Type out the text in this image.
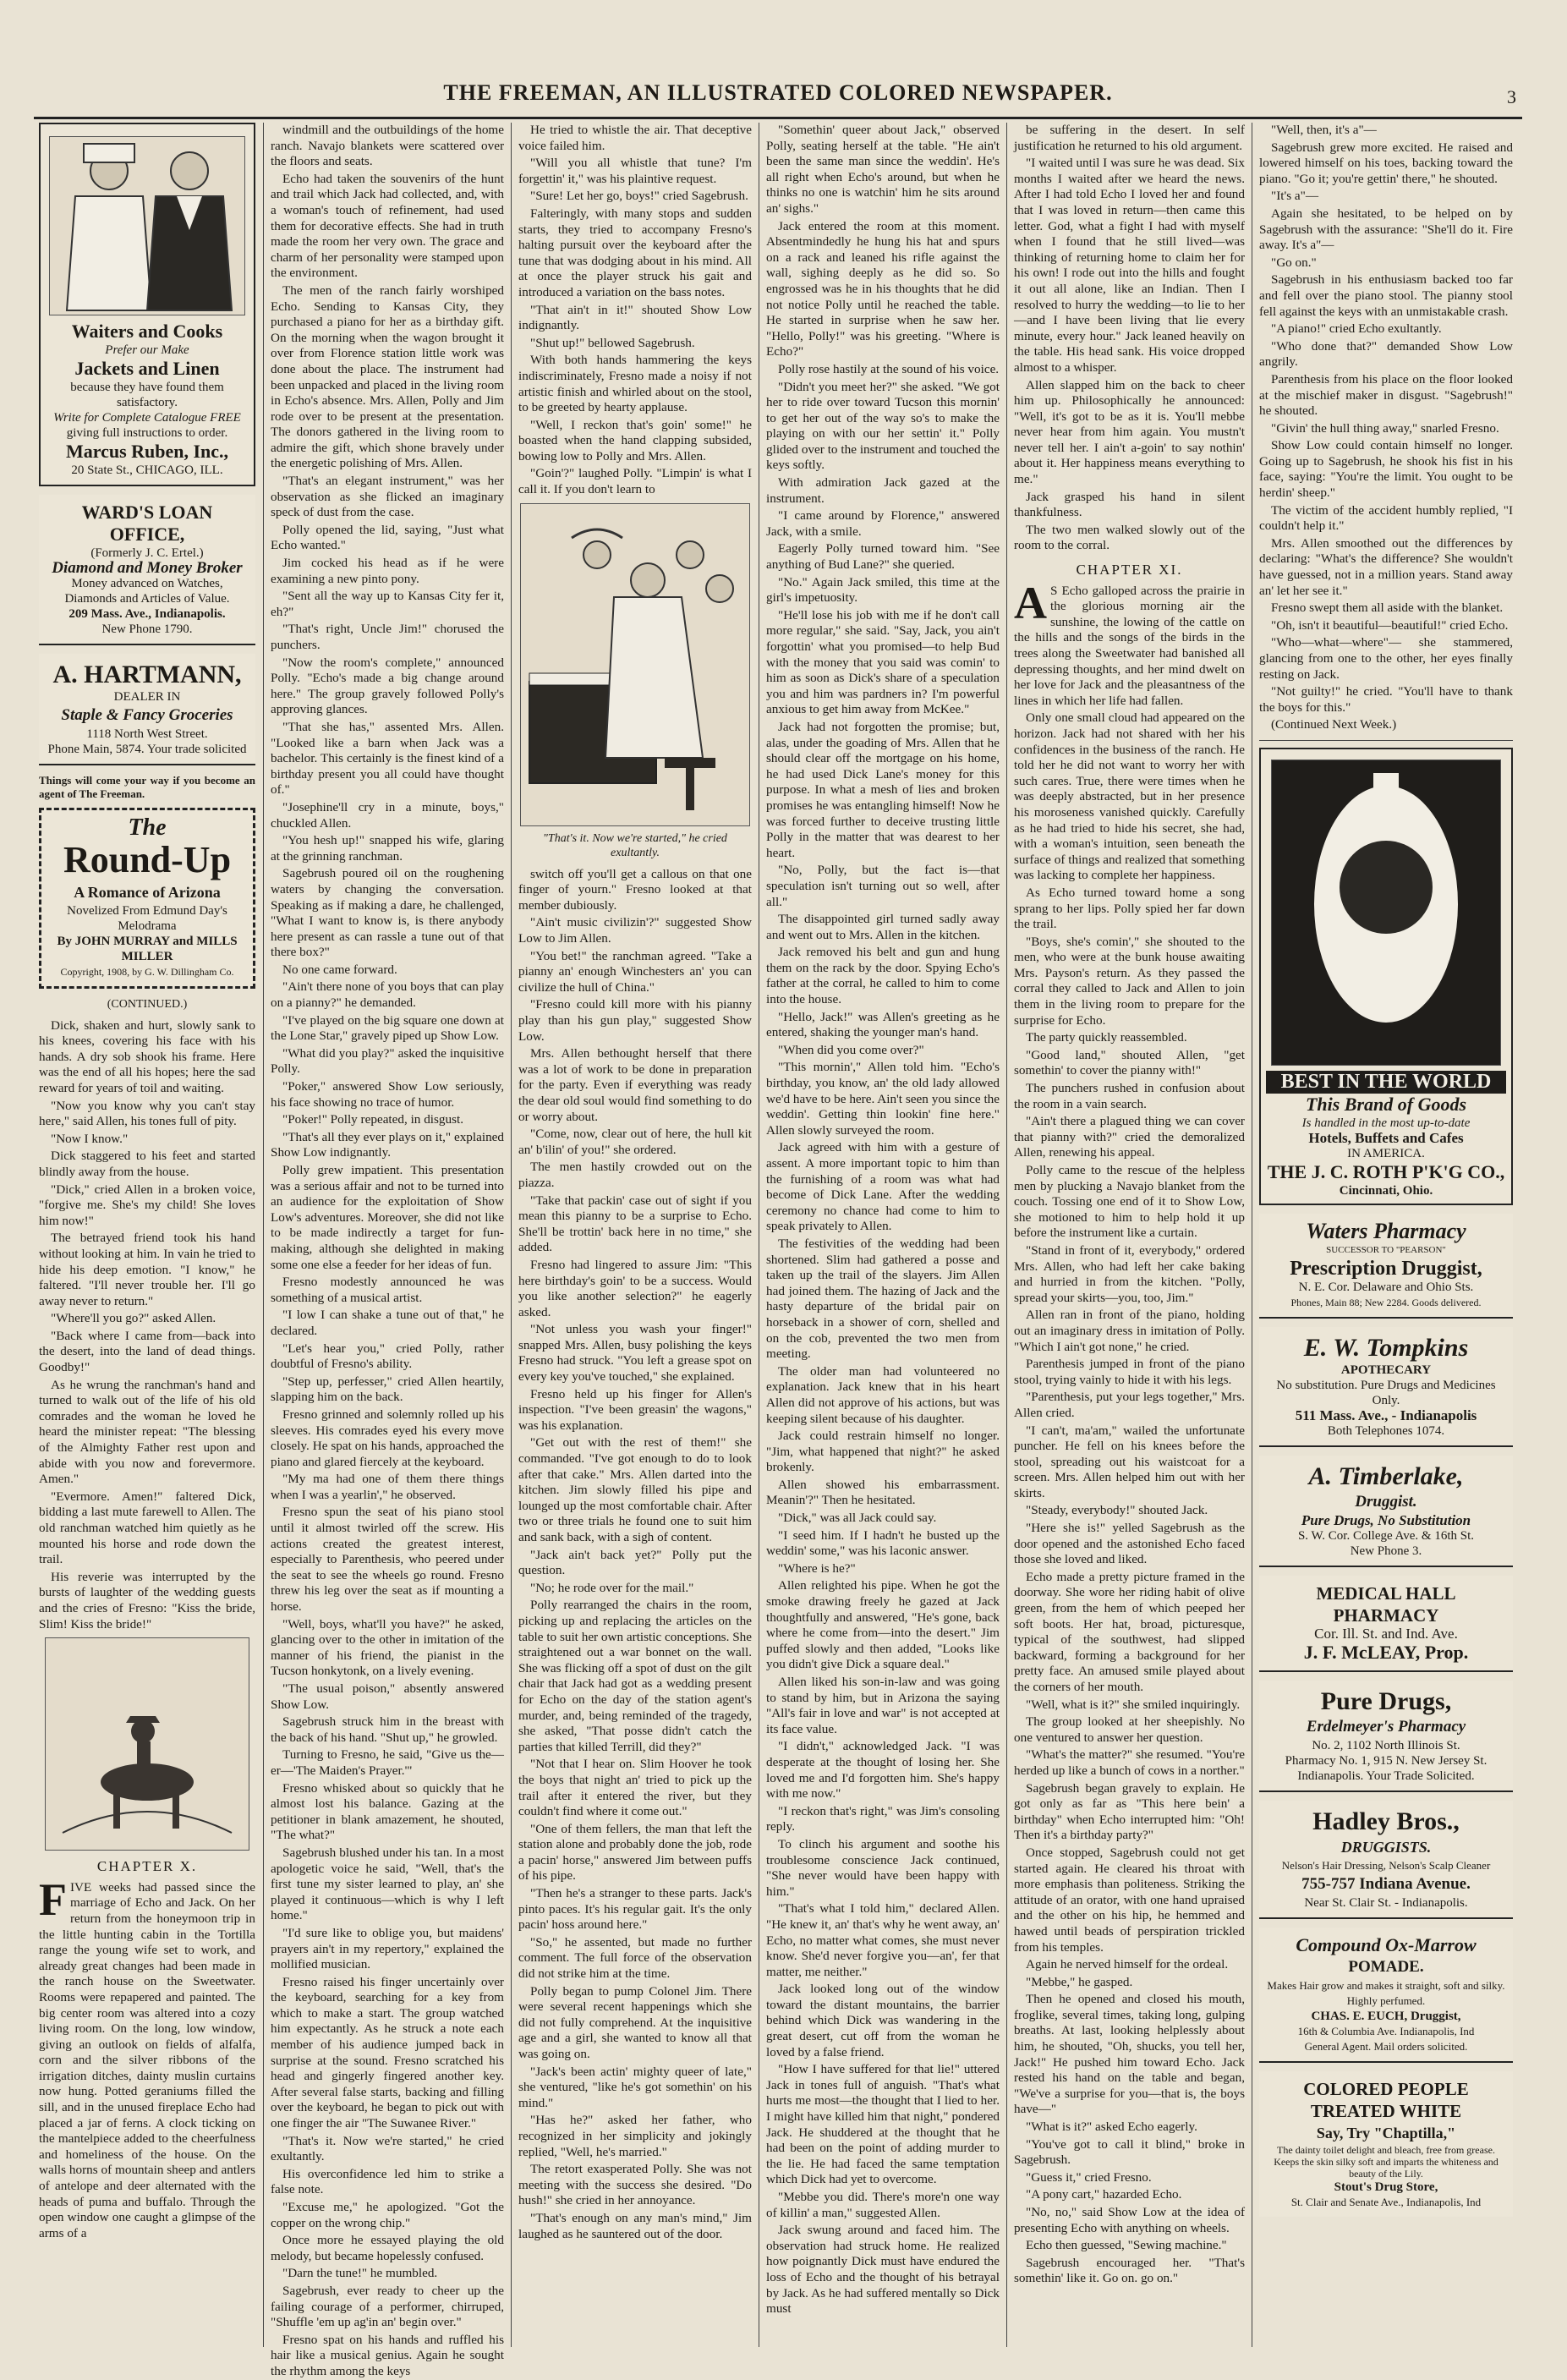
THE FREEMAN, AN ILLUSTRATED COLORED NEWSPAPER.	3
Waiters and Cooks
Prefer our Make
Jackets and Linen
because they have found them satisfactory.
Write for Complete Catalogue FREE
giving full instructions to order.
Marcus Ruben, Inc.,
20 State St., CHICAGO, ILL.
WARD'S LOAN OFFICE,
(Formerly J. C. Ertel.)
Diamond and Money Broker
Money advanced on Watches, Diamonds and Articles of Value.
209 Mass. Ave., Indianapolis.
New Phone 1790.
A. HARTMANN,
DEALER IN
Staple & Fancy Groceries
1118 North West Street.
Phone Main, 5874. Your trade solicited
Things will come your way if you become an agent of The Freeman.
The
Round-Up
A Romance of Arizona
Novelized From Edmund Day's Melodrama
By JOHN MURRAY and MILLS MILLER
Copyright, 1908, by G. W. Dillingham Co.
(CONTINUED.)

Dick, shaken and hurt, slowly sank to his knees, covering his face with his hands. A dry sob shook his frame. Here was the end of all his hopes; here the sad reward for years of toil and waiting.

"Now you know why you can't stay here," said Allen, his tones full of pity.

"Now I know."

Dick staggered to his feet and started blindly away from the house.

"Dick," cried Allen in a broken voice, "forgive me. She's my child! She loves him now!"

The betrayed friend took his hand without looking at him. In vain he tried to hide his deep emotion. "I know," he faltered. "I'll never trouble her. I'll go away never to return."

"Where'll you go?" asked Allen.

"Back where I came from—back into the desert, into the land of dead things. Goodby!"

As he wrung the ranchman's hand and turned to walk out of the life of his old comrades and the woman he loved he heard the minister repeat: "The blessing of the Almighty Father rest upon and abide with you now and forevermore. Amen."

"Evermore. Amen!" faltered Dick, bidding a last mute farewell to Allen. The old ranchman watched him quietly as he mounted his horse and rode down the trail.

His reverie was interrupted by the bursts of laughter of the wedding guests and the cries of Fresno: "Kiss the bride, Slim! Kiss the bride!"

CHAPTER X.

FIVE weeks had passed since the marriage of Echo and Jack. On her return from the honeymoon trip in the little hunting cabin in the Tortilla range the young wife set to work, and already great changes had been made in the ranch house on the Sweetwater. Rooms were repapered and painted. The big center room was altered into a cozy living room. On the long, low window, giving an outlook on fields of alfalfa, corn and the silver ribbons of the irrigation ditches, dainty muslin curtains now hung. Potted geraniums filled the sill, and in the unused fireplace Echo had placed a jar of ferns. A clock ticking on the mantelpiece added to the cheerfulness and homeliness of the house. On the walls horns of mountain sheep and antlers of antelope and deer alternated with the heads of puma and buffalo. Through the open window one caught a glimpse of the arms of a

windmill and the outbuildings of the home ranch. Navajo blankets were scattered over the floors and seats.

Echo had taken the souvenirs of the hunt and trail which Jack had collected, and, with a woman's touch of refinement, had used them for decorative effects. She had in truth made the room her very own. The grace and charm of her personality were stamped upon the environment.

The men of the ranch fairly worshiped Echo. Sending to Kansas City, they purchased a piano for her as a birthday gift. On the morning when the wagon brought it over from Florence station little work was done about the place. The instrument had been unpacked and placed in the living room in Echo's absence. Mrs. Allen, Polly and Jim rode over to be present at the presentation. The donors gathered in the living room to admire the gift, which shone bravely under the energetic polishing of Mrs. Allen.

"That's an elegant instrument," was her observation as she flicked an imaginary speck of dust from the case.

Polly opened the lid, saying, "Just what Echo wanted."

Jim cocked his head as if he were examining a new pinto pony.

"Sent all the way up to Kansas City fer it, eh?"

"That's right, Uncle Jim!" chorused the punchers.

"Now the room's complete," announced Polly. "Echo's made a big change around here." The group gravely followed Polly's approving glances.

"That she has," assented Mrs. Allen. "Looked like a barn when Jack was a bachelor. This certainly is the finest kind of a birthday present you all could have thought of."

"Josephine'll cry in a minute, boys," chuckled Allen.

"You hesh up!" snapped his wife, glaring at the grinning ranchman.

Sagebrush poured oil on the roughening waters by changing the conversation. Speaking as if making a dare, he challenged, "What I want to know is, is there anybody here present as can rassle a tune out of that there box?"

No one came forward.

"Ain't there none of you boys that can play on a pianny?" he demanded.

"I've played on the big square one down at the Lone Star," gravely piped up Show Low.

"What did you play?" asked the inquisitive Polly.

"Poker," answered Show Low seriously, his face showing no trace of humor.

"Poker!" Polly repeated, in disgust.

"That's all they ever plays on it," explained Show Low indignantly.

Polly grew impatient. This presentation was a serious affair and not to be turned into an audience for the exploitation of Show Low's adventures. Moreover, she did not like to be made indirectly a target for fun-making, although she delighted in making some one else a feeder for her ideas of fun.

Fresno modestly announced he was something of a musical artist.

"I low I can shake a tune out of that," he declared.

"Let's hear you," cried Polly, rather doubtful of Fresno's ability.

"Step up, perfesser," cried Allen heartily, slapping him on the back.

Fresno grinned and solemnly rolled up his sleeves. His comrades eyed his every move closely. He spat on his hands, approached the piano and glared fiercely at the keyboard.

"My ma had one of them there things when I was a yearlin'," he observed.

Fresno spun the seat of his piano stool until it almost twirled off the screw. His actions created the greatest interest, especially to Parenthesis, who peered under the seat to see the wheels go round. Fresno threw his leg over the seat as if mounting a horse.

"Well, boys, what'll you have?" he asked, glancing over to the other in imitation of the manner of his friend, the pianist in the Tucson honkytonk, on a lively evening.

"The usual poison," absently answered Show Low.

Sagebrush struck him in the breast with the back of his hand. "Shut up," he growled.

Turning to Fresno, he said, "Give us the—er—'The Maiden's Prayer.'"

Fresno whisked about so quickly that he almost lost his balance. Gazing at the petitioner in blank amazement, he shouted, "The what?"

Sagebrush blushed under his tan. In a most apologetic voice he said, "Well, that's the first tune my sister learned to play, an' she played it continuous—which is why I left home."

"I'd sure like to oblige you, but maidens' prayers ain't in my repertory," explained the mollified musician.

Fresno raised his finger uncertainly over the keyboard, searching for a key from which to make a start. The group watched him expectantly. As he struck a note each member of his audience jumped back in surprise at the sound. Fresno scratched his head and gingerly fingered another key. After several false starts, backing and filling over the keyboard, he began to pick out with one finger the air "The Suwanee River."

"That's it. Now we're started," he cried exultantly.

His overconfidence led him to strike a false note.

"Excuse me," he apologized. "Got the copper on the wrong chip."

Once more he essayed playing the old melody, but became hopelessly confused.

"Darn the tune!" he mumbled.

Sagebrush, ever ready to cheer up the failing courage of a performer, chirruped, "Shuffle 'em up ag'in an' begin over."

Fresno spat on his hands and ruffled his hair like a musical genius. Again he sought the rhythm among the keys

He tried to whistle the air. That deceptive voice failed him.

"Will you all whistle that tune? I'm forgettin' it," was his plaintive request.

"Sure! Let her go, boys!" cried Sagebrush.

Falteringly, with many stops and sudden starts, they tried to accompany Fresno's halting pursuit over the keyboard after the tune that was dodging about in his mind. All at once the player struck his gait and introduced a variation on the bass notes.

"That ain't in it!" shouted Show Low indignantly.

"Shut up!" bellowed Sagebrush.

With both hands hammering the keys indiscriminately, Fresno made a noisy if not artistic finish and whirled about on the stool, to be greeted by hearty applause.

"Well, I reckon that's goin' some!" he boasted when the hand clapping subsided, bowing low to Polly and Mrs. Allen.

"Goin'?" laughed Polly. "Limpin' is what I call it. If you don't learn to

"That's it. Now we're started," he cried exultantly.

switch off you'll get a callous on that one finger of yourn." Fresno looked at that member dubiously.

"Ain't music civilizin'?" suggested Show Low to Jim Allen.

"You bet!" the ranchman agreed. "Take a pianny an' enough Winchesters an' you can civilize the hull of China."

"Fresno could kill more with his pianny play than his gun play," suggested Show Low.

Mrs. Allen bethought herself that there was a lot of work to be done in preparation for the party. Even if everything was ready the dear old soul would find something to do or worry about.

"Come, now, clear out of here, the hull kit an' b'ilin' of you!" she ordered.

The men hastily crowded out on the piazza.

"Take that packin' case out of sight if you mean this pianny to be a surprise to Echo. She'll be trottin' back here in no time," she added.

Fresno had lingered to assure Jim: "This here birthday's goin' to be a success. Would you like another selection?" he eagerly asked.

"Not unless you wash your finger!" snapped Mrs. Allen, busy polishing the keys Fresno had struck. "You left a grease spot on every key you've touched," she explained.

Fresno held up his finger for Allen's inspection. "I've been greasin' the wagons," was his explanation.

"Get out with the rest of them!" she commanded. "I've got enough to do to look after that cake." Mrs. Allen darted into the kitchen. Jim slowly filled his pipe and lounged up the most comfortable chair. After two or three trials he found one to suit him and sank back, with a sigh of content.

"Jack ain't back yet?" Polly put the question.

"No; he rode over for the mail."

Polly rearranged the chairs in the room, picking up and replacing the articles on the table to suit her own artistic conceptions. She straightened out a war bonnet on the wall. She was flicking off a spot of dust on the gilt chair that Jack had got as a wedding present for Echo on the day of the station agent's murder, and, being reminded of the tragedy, she asked, "That posse didn't catch the parties that killed Terrill, did they?"

"Not that I hear on. Slim Hoover he took the boys that night an' tried to pick up the trail after it entered the river, but they couldn't find where it come out."

"One of them fellers, the man that left the station alone and probably done the job, rode a pacin' horse," answered Jim between puffs of his pipe.

"Then he's a stranger to these parts. Jack's pinto paces. It's his regular gait. It's the only pacin' hoss around here."

"So," he assented, but made no further comment. The full force of the observation did not strike him at the time.

Polly began to pump Colonel Jim. There were several recent happenings which she did not fully comprehend. At the inquisitive age and a girl, she wanted to know all that was going on.

"Jack's been actin' mighty queer of late," she ventured, "like he's got somethin' on his mind."

"Has he?" asked her father, who recognized in her simplicity and jokingly replied, "Well, he's married."

The retort exasperated Polly. She was not meeting with the success she desired. "Do hush!" she cried in her annoyance.

"That's enough on any man's mind," Jim laughed as he sauntered out of the door.

"Somethin' queer about Jack," observed Polly, seating herself at the table. "He ain't been the same man since the weddin'. He's all right when Echo's around, but when he thinks no one is watchin' him he sits around an' sighs."

Jack entered the room at this moment. Absentmindedly he hung his hat and spurs on a rack and leaned his rifle against the wall, sighing deeply as he did so. So engrossed was he in his thoughts that he did not notice Polly until he reached the table. He started in surprise when he saw her. "Hello, Polly!" was his greeting. "Where is Echo?"

Polly rose hastily at the sound of his voice.

"Didn't you meet her?" she asked. "We got her to ride over toward Tucson this mornin' to get her out of the way so's to make the playing on with our her settin' it." Polly glided over to the instrument and touched the keys softly.

With admiration Jack gazed at the instrument.

"I came around by Florence," answered Jack, with a smile.

Eagerly Polly turned toward him. "See anything of Bud Lane?" she queried.

"No." Again Jack smiled, this time at the girl's impetuosity.

"He'll lose his job with me if he don't call more regular," she said. "Say, Jack, you ain't forgottin' what you promised—to help Bud with the money that you said was comin' to him as soon as Dick's share of a speculation you and him was pardners in? I'm powerful anxious to get him away from McKee."

Jack had not forgotten the promise; but, alas, under the goading of Mrs. Allen that he should clear off the mortgage on his home, he had used Dick Lane's money for this purpose. In what a mesh of lies and broken promises he was entangling himself! Now he was forced further to deceive trusting little Polly in the matter that was dearest to her heart.

"No, Polly, but the fact is—that speculation isn't turning out so well, after all."

The disappointed girl turned sadly away and went out to Mrs. Allen in the kitchen.

Jack removed his belt and gun and hung them on the rack by the door. Spying Echo's father at the corral, he called to him to come into the house.

"Hello, Jack!" was Allen's greeting as he entered, shaking the younger man's hand.

"When did you come over?"

"This mornin'," Allen told him. "Echo's birthday, you know, an' the old lady allowed we'd have to be here. Ain't seen you since the weddin'. Getting thin lookin' fine here." Allen slowly surveyed the room.

Jack agreed with him with a gesture of assent. A more important topic to him than the furnishing of a room was what had become of Dick Lane. After the wedding ceremony no chance had come to him to speak privately to Allen.

The festivities of the wedding had been shortened. Slim had gathered a posse and taken up the trail of the slayers. Jim Allen had joined them. The hazing of Jack and the hasty departure of the bridal pair on horseback in a shower of corn, shelled and on the cob, prevented the two men from meeting.

The older man had volunteered no explanation. Jack knew that in his heart Allen did not approve of his actions, but was keeping silent because of his daughter.

Jack could restrain himself no longer. "Jim, what happened that night?" he asked brokenly.

Allen showed his embarrassment. Meanin'?" Then he hesitated.

"Dick," was all Jack could say.

"I seed him. If I hadn't he busted up the weddin' some," was his laconic answer.

"Where is he?"

Allen relighted his pipe. When he got the smoke drawing freely he gazed at Jack thoughtfully and answered, "He's gone, back where he come from—into the desert." Jim puffed slowly and then added, "Looks like you didn't give Dick a square deal."

Allen liked his son-in-law and was going to stand by him, but in Arizona the saying "All's fair in love and war" is not accepted at its face value.

"I didn't," acknowledged Jack. "I was desperate at the thought of losing her. She loved me and I'd forgotten him. She's happy with me now."

"I reckon that's right," was Jim's consoling reply.

To clinch his argument and soothe his troublesome conscience Jack continued, "She never would have been happy with him."

"That's what I told him," declared Allen. "He knew it, an' that's why he went away, an' Echo, no matter what comes, she must never know. She'd never forgive you—an', fer that matter, me neither."

Jack looked long out of the window toward the distant mountains, the barrier behind which Dick was wandering in the great desert, cut off from the woman he loved by a false friend.

"How I have suffered for that lie!" uttered Jack in tones full of anguish. "That's what hurts me most—the thought that I lied to her. I might have killed him that night," pondered Jack. He shuddered at the thought that he had been on the point of adding murder to the lie. He had faced the same temptation which Dick had yet to overcome.

"Mebbe you did. There's more'n one way of killin' a man," suggested Allen.

Jack swung around and faced him. The observation had struck home. He realized how poignantly Dick must have endured the loss of Echo and the thought of his betrayal by Jack. As he had suffered mentally so Dick must

be suffering in the desert. In self justification he returned to his old argument.

"I waited until I was sure he was dead. Six months I waited after we heard the news. After I had told Echo I loved her and found that I was loved in return—then came this letter. God, what a fight I had with myself when I found that he still lived—was thinking of returning home to claim her for his own! I rode out into the hills and fought it out all alone, like an Indian. Then I resolved to hurry the wedding—to lie to her—and I have been living that lie every minute, every hour." Jack leaned heavily on the table. His head sank. His voice dropped almost to a whisper.

Allen slapped him on the back to cheer him up. Philosophically he announced: "Well, it's got to be as it is. You'll mebbe never hear from him again. You mustn't never tell her. I ain't a-goin' to say nothin' about it. Her happiness means everything to me."

Jack grasped his hand in silent thankfulness.

The two men walked slowly out of the room to the corral.

CHAPTER XI.

A S Echo galloped across the prairie in the glorious morning air the sunshine, the lowing of the cattle on the hills and the songs of the birds in the trees along the Sweetwater had banished all depressing thoughts, and her mind dwelt on her love for Jack and the pleasantness of the lines in which her life had fallen.

Only one small cloud had appeared on the horizon. Jack had not shared with her his confidences in the business of the ranch. He told her he did not want to worry her with such cares. True, there were times when he was deeply abstracted, but in her presence his moroseness vanished quickly. Carefully as he had tried to hide his secret, she had, with a woman's intuition, seen beneath the surface of things and realized that something was lacking to complete her happiness.

As Echo turned toward home a song sprang to her lips. Polly spied her far down the trail.

"Boys, she's comin'," she shouted to the men, who were at the bunk house awaiting Mrs. Payson's return. As they passed the corral they called to Jack and Allen to join them in the living room to prepare for the surprise for Echo.

The party quickly reassembled.

"Good land," shouted Allen, "get somethin' to cover the pianny with!"

The punchers rushed in confusion about the room in a vain search.

"Ain't there a plagued thing we can cover that pianny with?" cried the demoralized Allen, renewing his appeal.

Polly came to the rescue of the helpless men by plucking a Navajo blanket from the couch. Tossing one end of it to Show Low, she motioned to him to help hold it up before the instrument like a curtain.

"Stand in front of it, everybody," ordered Mrs. Allen, who had left her cake baking and hurried in from the kitchen. "Polly, spread your skirts—you, too, Jim."

Allen ran in front of the piano, holding out an imaginary dress in imitation of Polly. "Which I ain't got none," he cried.

Parenthesis jumped in front of the piano stool, trying vainly to hide it with his legs.

"Parenthesis, put your legs together," Mrs. Allen cried.

"I can't, ma'am," wailed the unfortunate puncher. He fell on his knees before the stool, spreading out his waistcoat for a screen. Mrs. Allen helped him out with her skirts.

"Steady, everybody!" shouted Jack.

"Here she is!" yelled Sagebrush as the door opened and the astonished Echo faced those she loved and liked.

Echo made a pretty picture framed in the doorway. She wore her riding habit of olive green, from the hem of which peeped her soft boots. Her hat, broad, picturesque, typical of the southwest, had slipped backward, forming a background for her pretty face. An amused smile played about the corners of her mouth.

"Well, what is it?" she smiled inquiringly.

The group looked at her sheepishly. No one ventured to answer her question.

"What's the matter?" she resumed. "You're herded up like a bunch of cows in a norther."

Sagebrush began gravely to explain. He got only as far as "This here bein' a birthday" when Echo interrupted him: "Oh! Then it's a birthday party?"

Once stopped, Sagebrush could not get started again. He cleared his throat with more emphasis than politeness. Striking the attitude of an orator, with one hand upraised and the other on his hip, he hemmed and hawed until beads of perspiration trickled from his temples.

Again he nerved himself for the ordeal.

"Mebbe," he gasped.

Then he opened and closed his mouth, froglike, several times, taking long, gulping breaths. At last, looking helplessly about him, he shouted, "Oh, shucks, you tell her, Jack!" He pushed him toward Echo. Jack rested his hand on the table and began, "We've a surprise for you—that is, the boys have—"

"What is it?" asked Echo eagerly.

"You've got to call it blind," broke in Sagebrush.

"Guess it," cried Fresno.

"A pony cart," hazarded Echo.

"No, no," said Show Low at the idea of presenting Echo with anything on wheels.

Echo then guessed, "Sewing machine."

Sagebrush encouraged her. "That's somethin' like it. Go on. go on."

"Well, then, it's a"—

Sagebrush grew more excited. He raised and lowered himself on his toes, backing toward the piano. "Go it; you're gettin' there," he shouted.

"It's a"—

Again she hesitated, to be helped on by Sagebrush with the assurance: "She'll do it. Fire away. It's a"—

"Go on."

Sagebrush in his enthusiasm backed too far and fell over the piano stool. The pianny stool fell against the keys with an unmistakable crash.

"A piano!" cried Echo exultantly.

"Who done that?" demanded Show Low angrily.

Parenthesis from his place on the floor looked at the mischief maker in disgust. "Sagebrush!" he shouted.

"Givin' the hull thing away," snarled Fresno.

Show Low could contain himself no longer. Going up to Sagebrush, he shook his fist in his face, saying: "You're the limit. You ought to be herdin' sheep."

The victim of the accident humbly replied, "I couldn't help it."

Mrs. Allen smoothed out the differences by declaring: "What's the difference? She wouldn't have guessed, not in a million years. Stand away an' let her see it."

Fresno swept them all aside with the blanket.

"Oh, isn't it beautiful—beautiful!" cried Echo.

"Who—what—where"— she stammered, glancing from one to the other, her eyes finally resting on Jack.

"Not guilty!" he cried. "You'll have to thank the boys for this."

(Continued Next Week.)

BEST IN THE WORLD
This Brand of Goods
Is handled in the most up-to-date
Hotels, Buffets and Cafes
IN AMERICA.
THE J. C. ROTH P'K'G CO.,
Cincinnati, Ohio.
Waters Pharmacy
SUCCESSOR TO "PEARSON"
Prescription Druggist,
N. E. Cor. Delaware and Ohio Sts.
Phones, Main 88; New 2284. Goods delivered.
E. W. Tompkins
APOTHECARY
No substitution. Pure Drugs and Medicines Only.
511 Mass. Ave., - Indianapolis
Both Telephones 1074.
A. Timberlake,
Druggist.
Pure Drugs, No Substitution
S. W. Cor. College Ave. & 16th St.
New Phone 3.
MEDICAL HALL PHARMACY
Cor. Ill. St. and Ind. Ave.
J. F. McLEAY, Prop.
Pure Drugs,
Erdelmeyer's Pharmacy
No. 2, 1102 North Illinois St.
Pharmacy No. 1, 915 N. New Jersey St.
Indianapolis. Your Trade Solicited.
Hadley Bros.,
DRUGGISTS.
Nelson's Hair Dressing, Nelson's Scalp Cleaner
755-757 Indiana Avenue.
Near St. Clair St. - Indianapolis.
Compound Ox-Marrow
POMADE.
Makes Hair grow and makes it straight, soft and silky. Highly perfumed.
CHAS. E. EUCH, Druggist,
16th & Columbia Ave. Indianapolis, Ind
General Agent. Mail orders solicited.
COLORED PEOPLE TREATED WHITE
Say, Try "Chaptilla,"
The dainty toilet delight and bleach, free from grease. Keeps the skin silky soft and imparts the whiteness and beauty of the Lily.
Stout's Drug Store,
St. Clair and Senate Ave., Indianapolis, Ind
